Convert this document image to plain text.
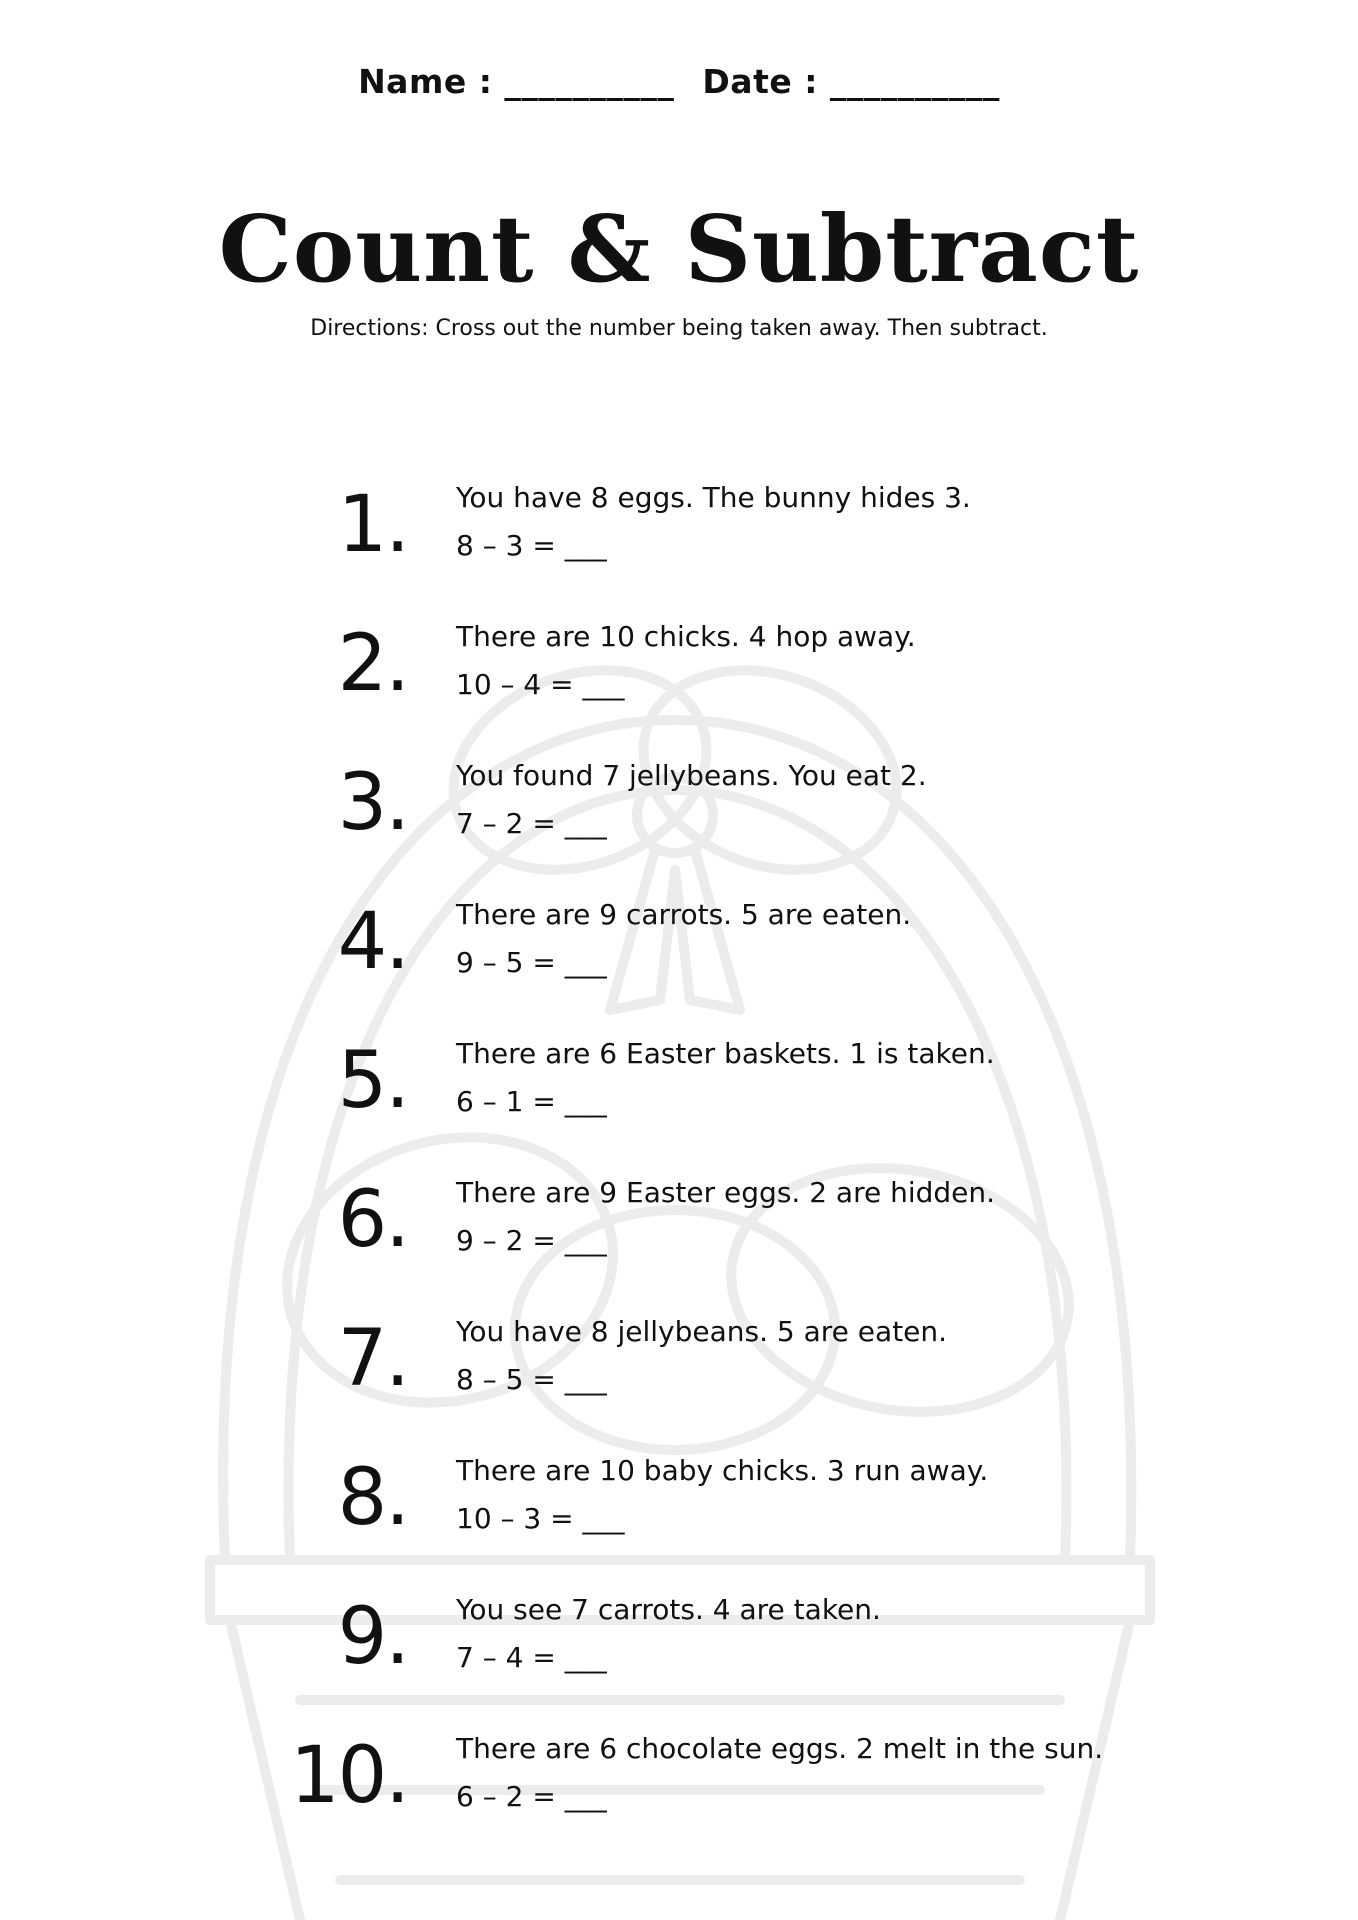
Name : __________ Date : __________
Count & Subtract
Directions: Cross out the number being taken away. Then subtract.
1. You have 8 eggs. The bunny hides 3.
8 – 3 = ___
2. There are 10 chicks. 4 hop away.
10 – 4 = ___
3. You found 7 jellybeans. You eat 2.
7 – 2 = ___
4. There are 9 carrots. 5 are eaten.
9 – 5 = ___
5. There are 6 Easter baskets. 1 is taken.
6 – 1 = ___
6. There are 9 Easter eggs. 2 are hidden.
9 – 2 = ___
7. You have 8 jellybeans. 5 are eaten.
8 – 5 = ___
8. There are 10 baby chicks. 3 run away.
10 – 3 = ___
9. You see 7 carrots. 4 are taken.
7 – 4 = ___
10. There are 6 chocolate eggs. 2 melt in the sun.
6 – 2 = ___
